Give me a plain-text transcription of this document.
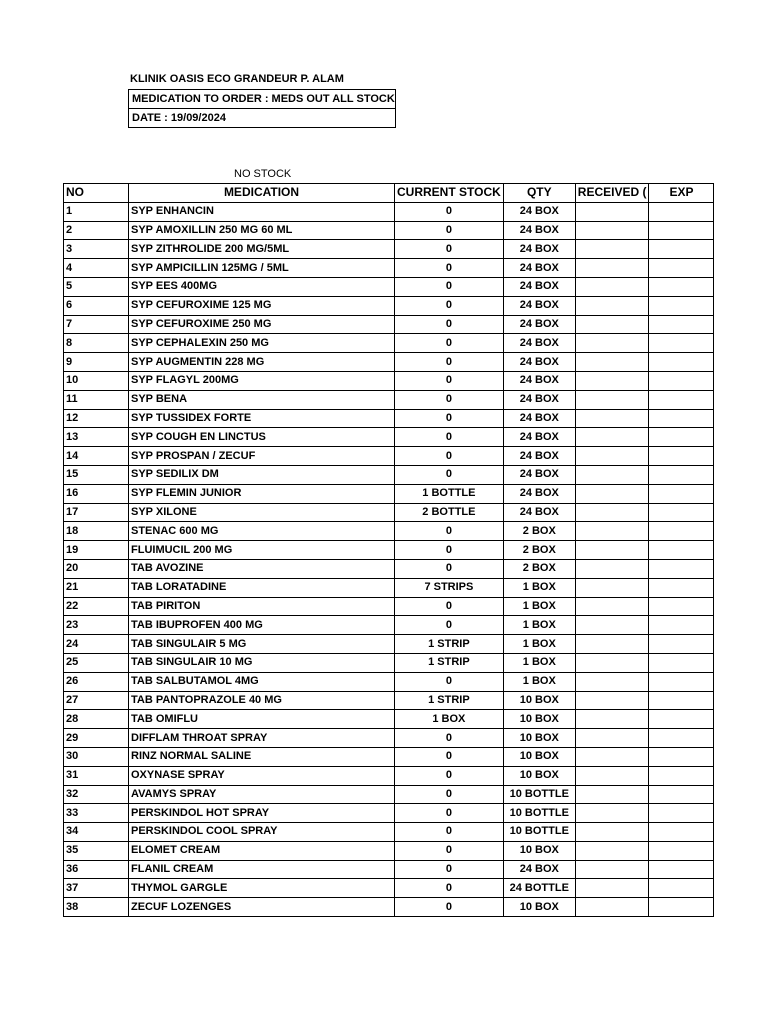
KLINIK OASIS ECO GRANDEUR P. ALAM
MEDICATION TO ORDER : MEDS OUT ALL STOCK
DATE : 19/09/2024
NO STOCK
NO	MEDICATION	CURRENT STOCK	QTY	RECEIVED (	EXP
1	SYP ENHANCIN	0	24 BOX		
2	SYP AMOXILLIN 250 MG 60 ML	0	24 BOX		
3	SYP ZITHROLIDE 200 MG/5ML	0	24 BOX		
4	SYP AMPICILLIN 125MG / 5ML	0	24 BOX		
5	SYP EES 400MG	0	24 BOX		
6	SYP CEFUROXIME 125 MG	0	24 BOX		
7	SYP CEFUROXIME 250 MG	0	24 BOX		
8	SYP CEPHALEXIN 250 MG	0	24 BOX		
9	SYP AUGMENTIN 228 MG	0	24 BOX		
10	SYP FLAGYL 200MG	0	24 BOX		
11	SYP BENA	0	24 BOX		
12	SYP TUSSIDEX FORTE	0	24 BOX		
13	SYP COUGH EN LINCTUS	0	24 BOX		
14	SYP PROSPAN / ZECUF	0	24 BOX		
15	SYP SEDILIX DM	0	24 BOX		
16	SYP FLEMIN JUNIOR	1 BOTTLE	24 BOX		
17	SYP XILONE	2 BOTTLE	24 BOX		
18	STENAC 600 MG	0	2 BOX		
19	FLUIMUCIL 200 MG	0	2 BOX		
20	TAB AVOZINE	0	2 BOX		
21	TAB LORATADINE	7 STRIPS	1 BOX		
22	TAB PIRITON	0	1 BOX		
23	TAB IBUPROFEN 400 MG	0	1 BOX		
24	TAB SINGULAIR 5 MG	1 STRIP	1 BOX		
25	TAB SINGULAIR 10 MG	1 STRIP	1 BOX		
26	TAB SALBUTAMOL 4MG	0	1 BOX		
27	TAB PANTOPRAZOLE 40 MG	1 STRIP	10 BOX		
28	TAB OMIFLU	1 BOX	10 BOX		
29	DIFFLAM THROAT SPRAY	0	10 BOX		
30	RINZ NORMAL SALINE	0	10 BOX		
31	OXYNASE SPRAY	0	10 BOX		
32	AVAMYS SPRAY	0	10 BOTTLE		
33	PERSKINDOL HOT SPRAY	0	10 BOTTLE		
34	PERSKINDOL COOL SPRAY	0	10 BOTTLE		
35	ELOMET CREAM	0	10 BOX		
36	FLANIL CREAM	0	24 BOX		
37	THYMOL GARGLE	0	24 BOTTLE		
38	ZECUF LOZENGES	0	10 BOX		
